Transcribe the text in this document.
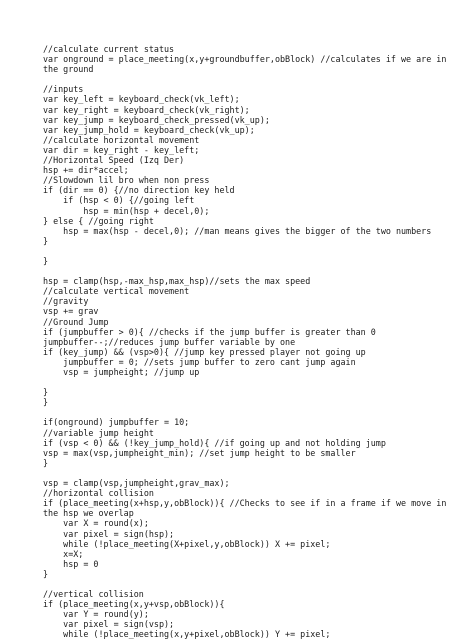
//calculate current status
var onground = place_meeting(x,y+groundbuffer,obBlock) //calculates if we are in
the ground
//inputs
var key_left = keyboard_check(vk_left);
var key_right = keyboard_check(vk_right);
var key_jump = keyboard_check_pressed(vk_up);
var key_jump_hold = keyboard_check(vk_up);
//calculate horizontal movement
var dir = key_right - key_left;
//Horizontal Speed (Izq Der)
hsp += dir*accel;
//Slowdown lil bro when non press
if (dir == 0) {//no direction key held
if (hsp < 0) {//going left
hsp = min(hsp + decel,0);
} else { //going right
hsp = max(hsp - decel,0); //man means gives the bigger of the two numbers
}
}
hsp = clamp(hsp,-max_hsp,max_hsp)//sets the max speed
//calculate vertical movement
//gravity
vsp += grav
//Ground Jump
if (jumpbuffer > 0){ //checks if the jump buffer is greater than 0
jumpbuffer--;//reduces jump buffer variable by one
if (key_jump) && (vsp>0){ //jump key pressed player not going up
jumpbuffer = 0; //sets jump buffer to zero cant jump again
vsp = jumpheight; //jump up
}
}
if(onground) jumpbuffer = 10;
//variable jump height
if (vsp < 0) && (!key_jump_hold){ //if going up and not holding jump
vsp = max(vsp,jumpheight_min); //set jump height to be smaller
}
vsp = clamp(vsp,jumpheight,grav_max);
//horizontal collision
if (place_meeting(x+hsp,y,obBlock)){ //Checks to see if in a frame if we move in
the hsp we overlap
var X = round(x);
var pixel = sign(hsp);
while (!place_meeting(X+pixel,y,obBlock)) X += pixel;
x=X;
hsp = 0
}
//vertical collision
if (place_meeting(x,y+vsp,obBlock)){
var Y = round(y);
var pixel = sign(vsp);
while (!place_meeting(x,y+pixel,obBlock)) Y += pixel;
